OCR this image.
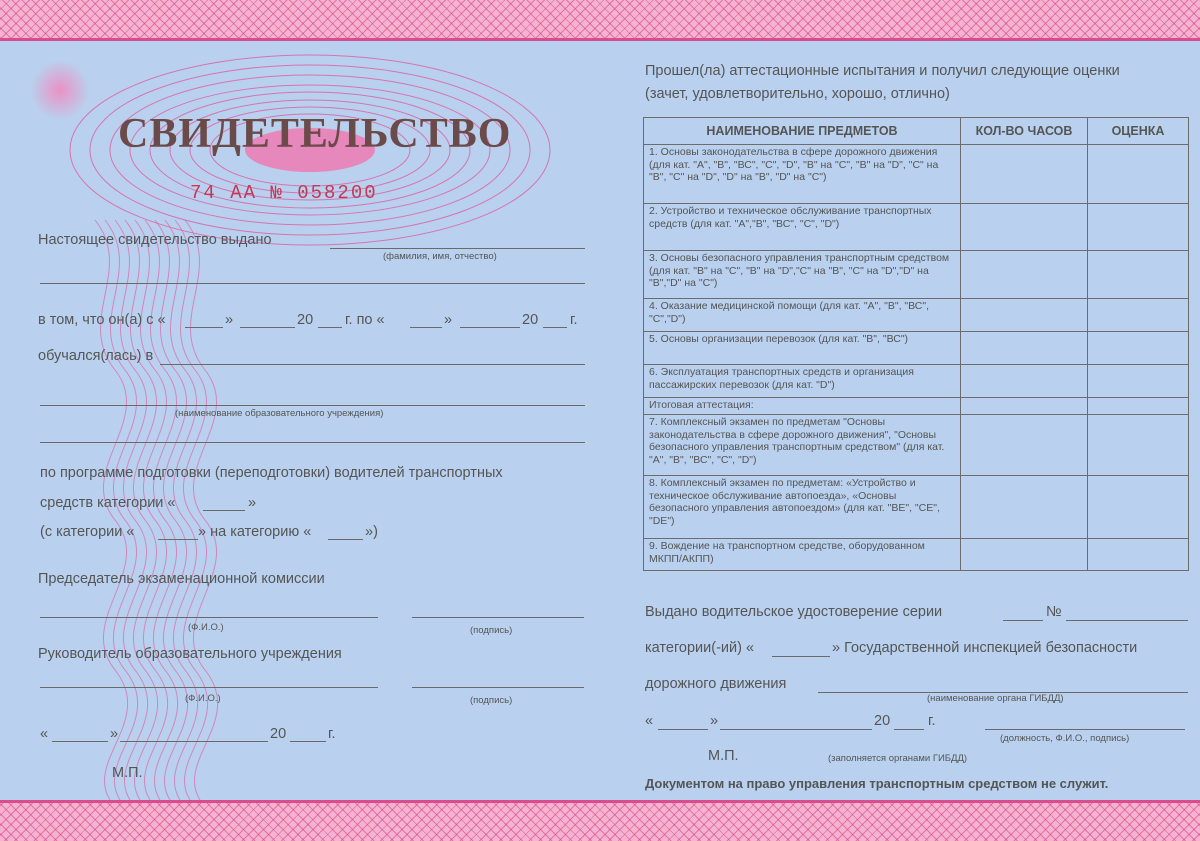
СВИДЕТЕЛЬСТВО
74 АА № 058200
Настоящее свидетельство выдано
(фамилия, имя, отчество)
в том, что он(а) с «	»	20 г. по «	»	20 г.
обучался(лась) в
(наименование образовательного учреждения)
по программе подготовки (переподготовки) водителей транспортных
средств категории «	»
(с категории «	» на категорию «	»)
Председатель экзаменационной комиссии
(Ф.И.О.)	(подпись)
Руководитель образовательного учреждения
(Ф.И.О.)	(подпись)
«	»	20	г.
М.П.
Прошел(ла) аттестационные испытания и получил следующие оценки
(зачет, удовлетворительно, хорошо, отлично)
НАИМЕНОВАНИЕ ПРЕДМЕТОВ	КОЛ-ВО ЧАСОВ	ОЦЕНКА
1. Основы законодательства в сфере дорожного движения (для кат. "А", "В", "ВС", "С", "D", "В" на "С", "В" на "D", "С" на "В", "С" на "D", "D" на "В", "D" на "С")		
2. Устройство и техническое обслуживание транспортных средств (для кат. "А","В", "ВС", "С", "D")		
3. Основы безопасного управления транспортным средством (для кат. "В" на "С", "В" на "D","С" на "В", "С" на "D","D" на "В","D" на "С")		
4. Оказание медицинской помощи (для кат. "А", "В", "ВС", "С","D")		
5. Основы организации перевозок (для кат. "В", "ВС")		
6. Эксплуатация транспортных средств и организация пассажирских перевозок (для кат. "D")		
Итоговая аттестация:		
7. Комплексный экзамен по предметам "Основы законодательства в сфере дорожного движения", "Основы безопасного управления транспортным средством" (для кат. "А", "В", "ВС", "С", "D")		
8. Комплексный экзамен по предметам: «Устройство и техническое обслуживание автопоезда», «Основы безопасного управления автопоездом» (для кат. "ВЕ", "СЕ", "DE")		
9. Вождение на транспортном средстве, оборудованном МКПП/АКПП)		
Выдано водительское удостоверение серии	№
категории(-ий) «	» Государственной инспекцией безопасности
дорожного движения
(наименование органа ГИБДД)
«	»	20	г.
(должность, Ф.И.О., подпись)
М.П.	(заполняется органами ГИБДД)
Документом на право управления транспортным средством не служит.
